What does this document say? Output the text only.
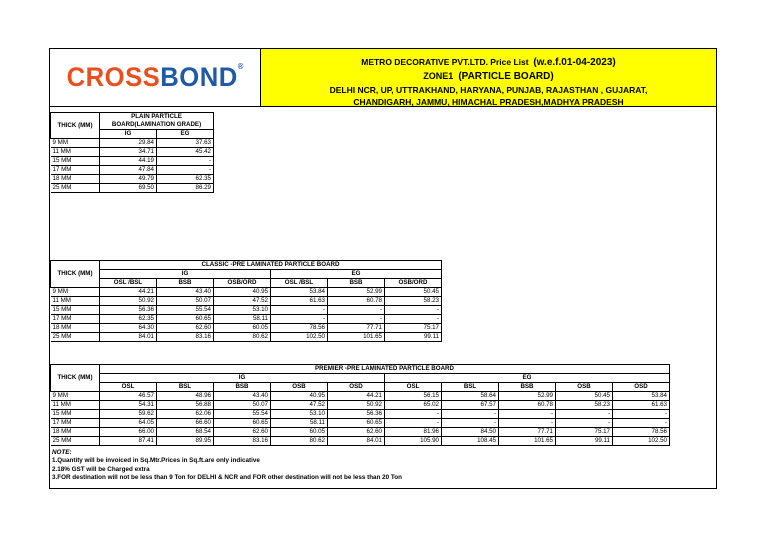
CROSSBOND®	METRO DECORATIVE PVT.LTD. Price List (w.e.f.01-04-2023)
ZONE1 (PARTICLE BOARD)
DELHI NCR, UP, UTTRAKHAND, HARYANA, PUNJAB, RAJASTHAN , GUJARAT,
CHANDIGARH, JAMMU, HIMACHAL PRADESH,MADHYA PRADESH
THICK (MM)	PLAIN PARTICLE BOARD(LAMINATION GRADE)	
	IG	EG
9 MM	29.84	37.63
11 MM	34.71	45.42
15 MM	44.19	-
17 MM	47.84	-
18 MM	49.79	62.35
25 MM	69.50	86.29
THICK (MM)	CLASSIC -PRE LAMINATED PARTICLE BOARD					
	IG			EG		
	OSL /BSL	BSB	OSB/ORD	OSL /BSL	BSB	OSB/ORD
9 MM	44.21	43.40	40.95	53.84	52.99	50.45
11 MM	50.92	50.07	47.52	61.63	60.78	58.23
15 MM	56.36	55.54	53.10	-	-	-
17 MM	62.35	60.65	58.11	-	-	-
18 MM	64.30	62.60	60.05	78.56	77.71	75.17
25 MM	84.01	83.16	80.62	102.50	101.65	99.11
THICK (MM)	PREMIER -PRE LAMINATED PARTICLE BOARD									
	IG					EG				
	OSL	BSL	BSB	OSB	OSD	OSL	BSL	BSB	OSB	OSD
9 MM	46.57	48.96	43.40	40.95	44.21	56.15	58.64	52.99	50.45	53.84
11 MM	54.31	56.88	50.07	47.52	50.92	65.02	67.57	60.78	58.23	61.63
15 MM	59.62	62.06	55.54	53.10	56.36	-	-	-	-	-
17 MM	64.05	66.60	60.65	58.11	60.65	-	-	-	-	-
18 MM	66.00	68.54	62.60	60.05	62.60	81.96	84.50	77.71	75.17	78.56
25 MM	87.41	89.95	83.16	80.62	84.01	105.90	108.45	101.65	99.11	102.50
NOTE:
1.Quantity will be invoiced in Sq.Mtr.Prices in Sq.ft.are only indicative
2.18% GST will be Charged extra
3.FOR destination will not be less than 9 Ton for DELHI & NCR and FOR other destination will not be less than 20 Ton
